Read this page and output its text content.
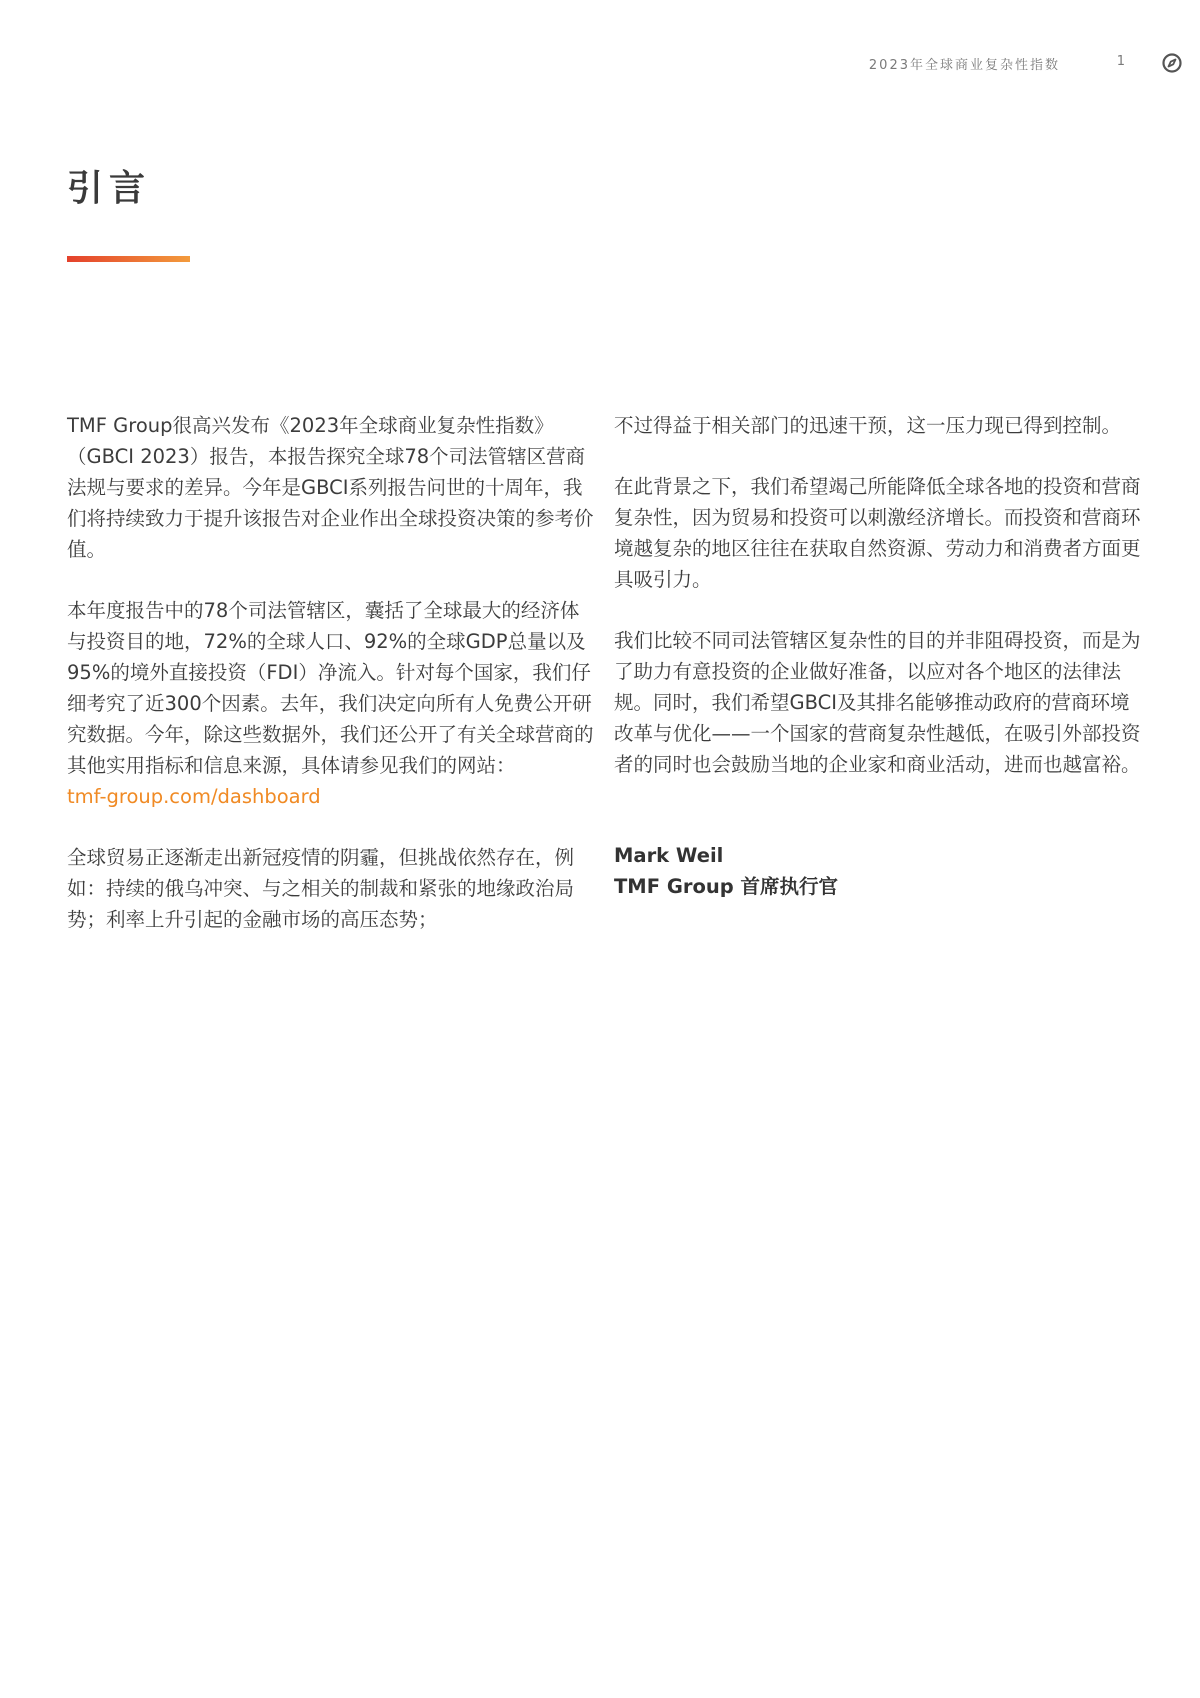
2023年全球商业复杂性指数	1
引言

TMF Group很高兴发布《2023年全球商业复杂性指数》（GBCI 2023）报告，本报告探究全球78个司法管辖区营商法规与要求的差异。今年是GBCI系列报告问世的十周年，我们将持续致力于提升该报告对企业作出全球投资决策的参考价值。

本年度报告中的78个司法管辖区，囊括了全球最大的经济体与投资目的地，72%的全球人口、92%的全球GDP总量以及95%的境外直接投资（FDI）净流入。针对每个国家，我们仔细考究了近300个因素。去年，我们决定向所有人免费公开研究数据。今年，除这些数据外，我们还公开了有关全球营商的其他实用指标和信息来源，具体请参见我们的网站：
tmf-group.com/dashboard

全球贸易正逐渐走出新冠疫情的阴霾，但挑战依然存在，例如：持续的俄乌冲突、与之相关的制裁和紧张的地缘政治局势；利率上升引起的金融市场的高压态势；

不过得益于相关部门的迅速干预，这一压力现已得到控制。

在此背景之下，我们希望竭己所能降低全球各地的投资和营商复杂性，因为贸易和投资可以刺激经济增长。而投资和营商环境越复杂的地区往往在获取自然资源、劳动力和消费者方面更具吸引力。

我们比较不同司法管辖区复杂性的目的并非阻碍投资，而是为了助力有意投资的企业做好准备，以应对各个地区的法律法规。同时，我们希望GBCI及其排名能够推动政府的营商环境改革与优化——一个国家的营商复杂性越低，在吸引外部投资者的同时也会鼓励当地的企业家和商业活动，进而也越富裕。

Mark Weil
TMF Group 首席执行官
